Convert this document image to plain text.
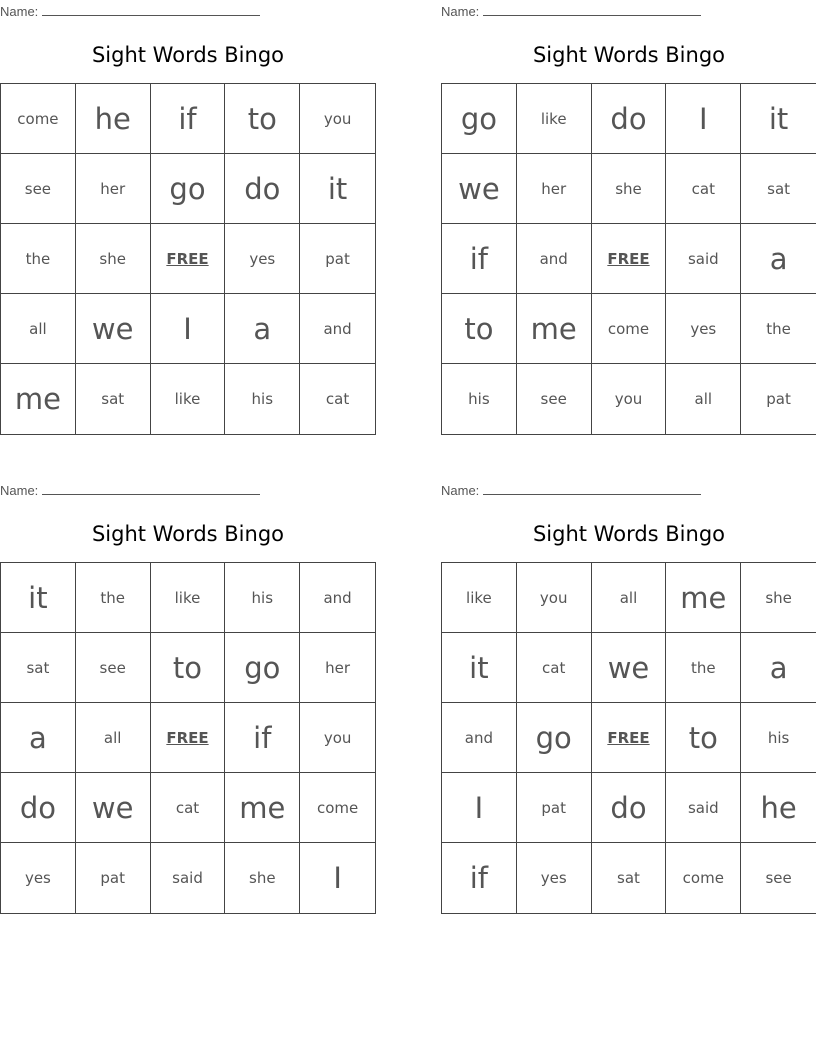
Name:
Sight Words Bingo
come	he	if	to	you
see	her	go	do	it
the	she	FREE	yes	pat
all	we	I	a	and
me	sat	like	his	cat
Name:
Sight Words Bingo
go	like	do	I	it
we	her	she	cat	sat
if	and	FREE	said	a
to	me	come	yes	the
his	see	you	all	pat
Name:
Sight Words Bingo
it	the	like	his	and
sat	see	to	go	her
a	all	FREE	if	you
do	we	cat	me	come
yes	pat	said	she	I
Name:
Sight Words Bingo
like	you	all	me	she
it	cat	we	the	a
and	go	FREE	to	his
I	pat	do	said	he
if	yes	sat	come	see
